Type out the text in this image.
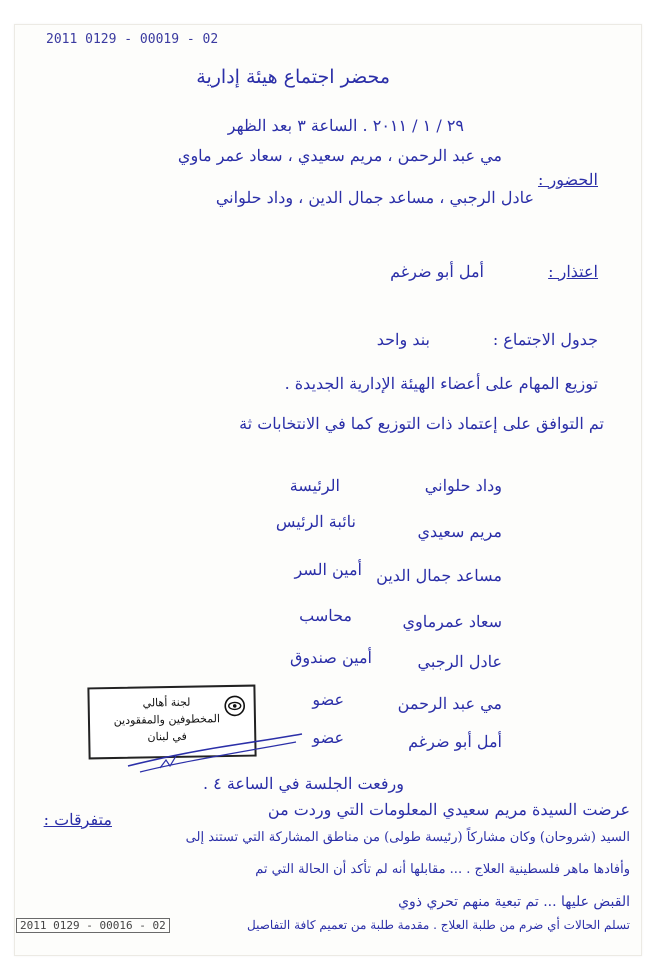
2011 0129 - 00019 - 02
محضر اجتماع هيئة إدارية
٢٩ / ١ / ٢٠١١ . الساعة ٣ بعد الظهر
الحضور :
مي عبد الرحمن ، مريم سعيدي ، سعاد عمر ماوي
عادل الرجبي ، مساعد جمال الدين ، وداد حلواني
اعتذار :
أمل أبو ضرغم
جدول الاجتماع :
بند واحد
توزيع المهام على أعضاء الهيئة الإدارية الجديدة .
تم التوافق على إعتماد ذات التوزيع كما في الانتخابات ثة
وداد حلواني
الرئيسة
مريم سعيدي
نائبة الرئيس
مساعد جمال الدين
أمين السر
سعاد عمرماوي
محاسب
عادل الرجبي
أمين صندوق
مي عبد الرحمن
عضو
أمل أبو ضرغم
عضو
لجنة أهالي
المخطوفين والمفقودين
في لبنان
ورفعت الجلسة في الساعة ٤ .
متفرقات :
عرضت السيدة مريم سعيدي المعلومات التي وردت من
السيد (شروحان) وكان مشاركاً (رئيسة طولى) من مناطق المشاركة التي تستند إلى
وأفادها ماهر فلسطينية العلاج . ... مقابلها أنه لم تأكد أن الحالة التي تم
القبض عليها ... تم تبعية منهم تحري ذوي
تسلم الحالات أي ضرم من طلبة العلاج . مقدمة طلبة من تعميم كافة التفاصيل
2011 0129 - 00016 - 02
